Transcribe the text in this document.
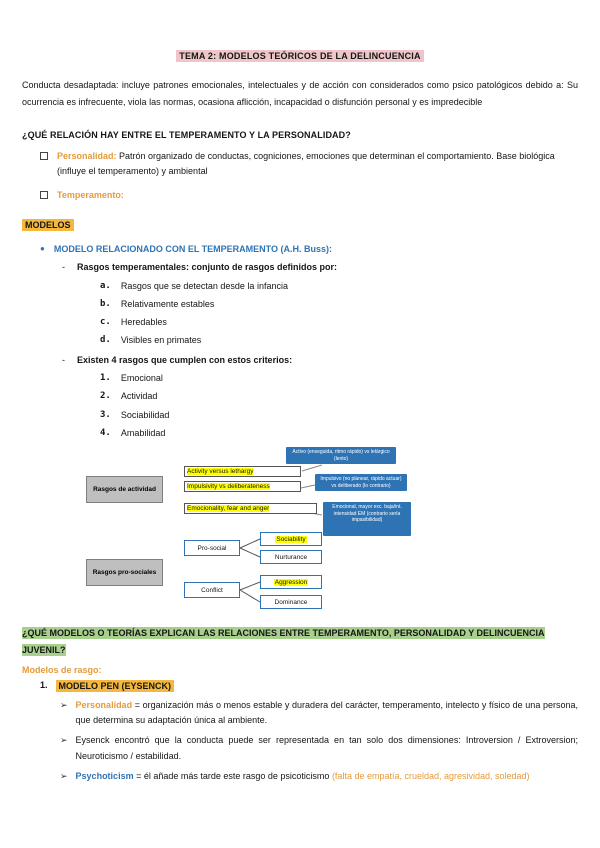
TEMA 2: MODELOS TEÓRICOS DE LA DELINCUENCIA

Conducta desadaptada: incluye patrones emocionales, intelectuales y de acción con considerados como psico patológicos debido a: Su ocurrencia es infrecuente, viola las normas, ocasiona aflicción, incapacidad o disfunción personal y es impredecible

¿QUÉ RELACIÓN HAY ENTRE EL TEMPERAMENTO Y LA PERSONALIDAD?
Personalidad: Patrón organizado de conductas, cogniciones, emociones que determinan el comportamiento. Base biológica (influye el temperamento) y ambiental
Temperamento:
MODELOS
● MODELO RELACIONADO CON EL TEMPERAMENTO (A.H. Buss):
- Rasgos temperamentales: conjunto de rasgos definidos por:
a. Rasgos que se detectan desde la infancia
b. Relativamente estables
c. Heredables
d. Visibles en primates
- Existen 4 rasgos que cumplen con estos criterios:
1. Emocional
2. Actividad
3. Sociabilidad
4. Amabilidad
Activo (enseguida, ritmo rápido) vs letárgico (lento)
Activity versus lethargy
Impulsivity vs deliberateness
Impulsivo (no planear, rápido actuar) vs deliberado (lo contrario)
Rasgos de actividad
Emocionality, fear and anger	Emocional, mayor exc. baja/int. intensidad EM (contrario sería impasibilidad)
Pro-social
Sociability
Nurturance
Rasgos pro-sociales
Conflict
Aggression
Dominance
¿QUÉ MODELOS O TEORÍAS EXPLICAN LAS RELACIONES ENTRE TEMPERAMENTO, PERSONALIDAD Y DELINCUENCIA JUVENIL?
Modelos de rasgo:
1.	MODELO PEN (EYSENCK)
➢ Personalidad = organización más o menos estable y duradera del carácter, temperamento, intelecto y físico de una persona, que determina su adaptación única al ambiente.
➢ Eysenck encontró que la conducta puede ser representada en tan solo dos dimensiones: Introversion / Extroversion; Neuroticismo / estabilidad.
➢ Psychoticism = él añade más tarde este rasgo de psicoticismo (falta de empatía, crueldad, agresividad, soledad)
